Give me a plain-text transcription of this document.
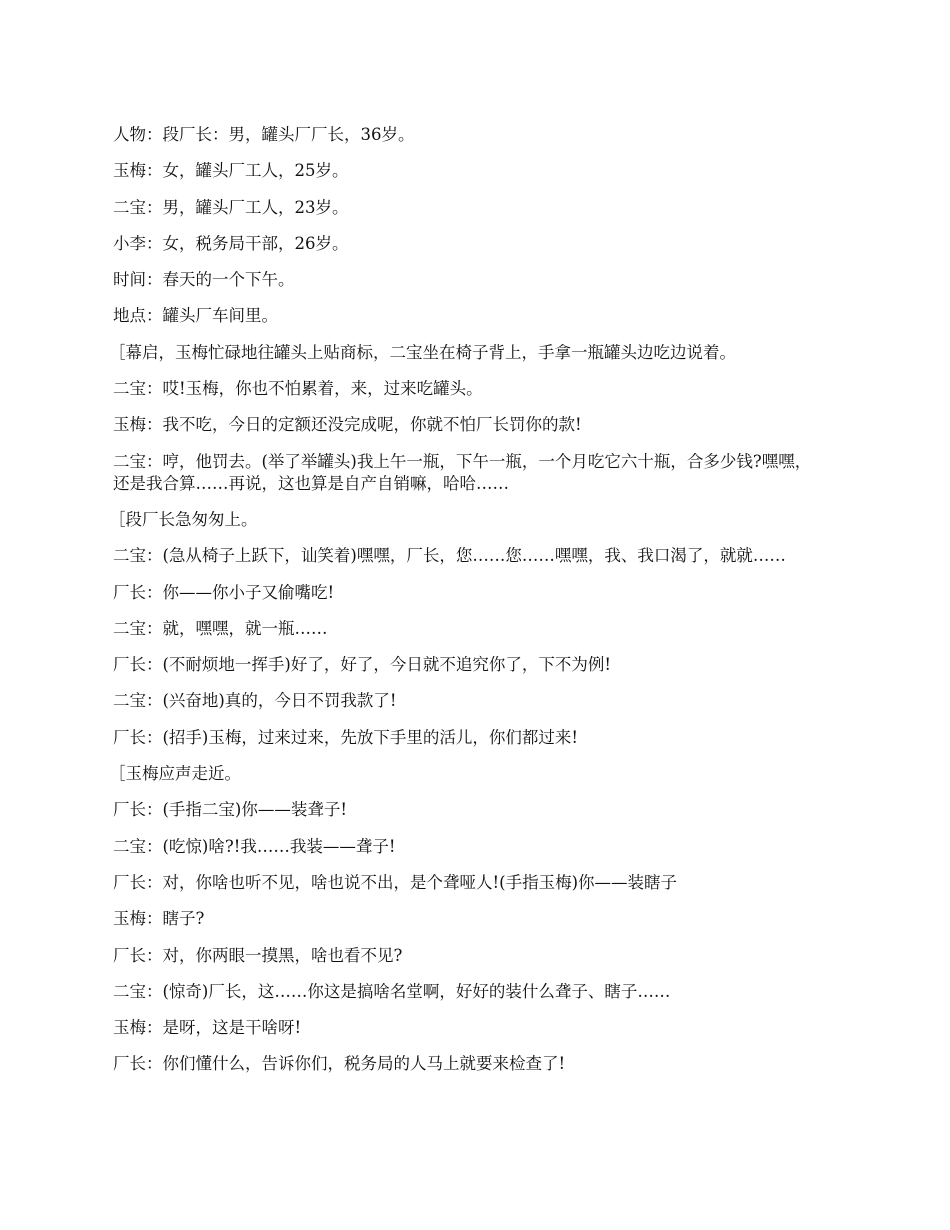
人物：段厂长：男，罐头厂厂长，36岁。

玉梅：女，罐头厂工人，25岁。

二宝：男，罐头厂工人，23岁。

小李：女，税务局干部，26岁。

时间：春天的一个下午。

地点：罐头厂车间里。

［幕启，玉梅忙碌地往罐头上贴商标，二宝坐在椅子背上，手拿一瓶罐头边吃边说着。

二宝：哎!玉梅，你也不怕累着，来，过来吃罐头。

玉梅：我不吃，今日的定额还没完成呢，你就不怕厂长罚你的款!

二宝：哼，他罚去。(举了举罐头)我上午一瓶，下午一瓶，一个月吃它六十瓶，合多少钱?嘿嘿，还是我合算……再说，这也算是自产自销嘛，哈哈……

［段厂长急匆匆上。

二宝：(急从椅子上跃下，讪笑着)嘿嘿，厂长，您……您……嘿嘿，我、我口渴了，就就……

厂长：你——你小子又偷嘴吃!

二宝：就，嘿嘿，就一瓶……

厂长：(不耐烦地一挥手)好了，好了，今日就不追究你了，下不为例!

二宝：(兴奋地)真的，今日不罚我款了!

厂长：(招手)玉梅，过来过来，先放下手里的活儿，你们都过来!

［玉梅应声走近。

厂长：(手指二宝)你——装聋子!

二宝：(吃惊)啥?!我……我装——聋子!

厂长：对，你啥也听不见，啥也说不出，是个聋哑人!(手指玉梅)你——装瞎子

玉梅：瞎子?

厂长：对，你两眼一摸黑，啥也看不见?

二宝：(惊奇)厂长，这……你这是搞啥名堂啊，好好的装什么聋子、瞎子……

玉梅：是呀，这是干啥呀!

厂长：你们懂什么，告诉你们，税务局的人马上就要来检查了!
